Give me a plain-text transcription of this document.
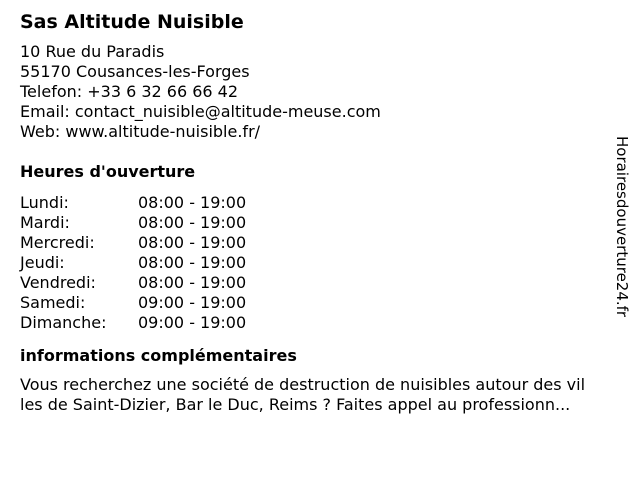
Sas Altitude Nuisible
10 Rue du Paradis
55170 Cousances-les-Forges
Telefon: +33 6 32 66 66 42
Email: contact_nuisible@altitude-meuse.com
Web: www.altitude-nuisible.fr/
Heures d'ouverture
Lundi:	08:00 - 19:00
Mardi:	08:00 - 19:00
Mercredi:	08:00 - 19:00
Jeudi:	08:00 - 19:00
Vendredi:	08:00 - 19:00
Samedi:	09:00 - 19:00
Dimanche: 09:00 - 19:00
informations complémentaires
Vous recherchez une société de destruction de nuisibles autour des vil
les de Saint-Dizier, Bar le Duc, Reims ? Faites appel au professionn...
Horairesdouverture24.fr
